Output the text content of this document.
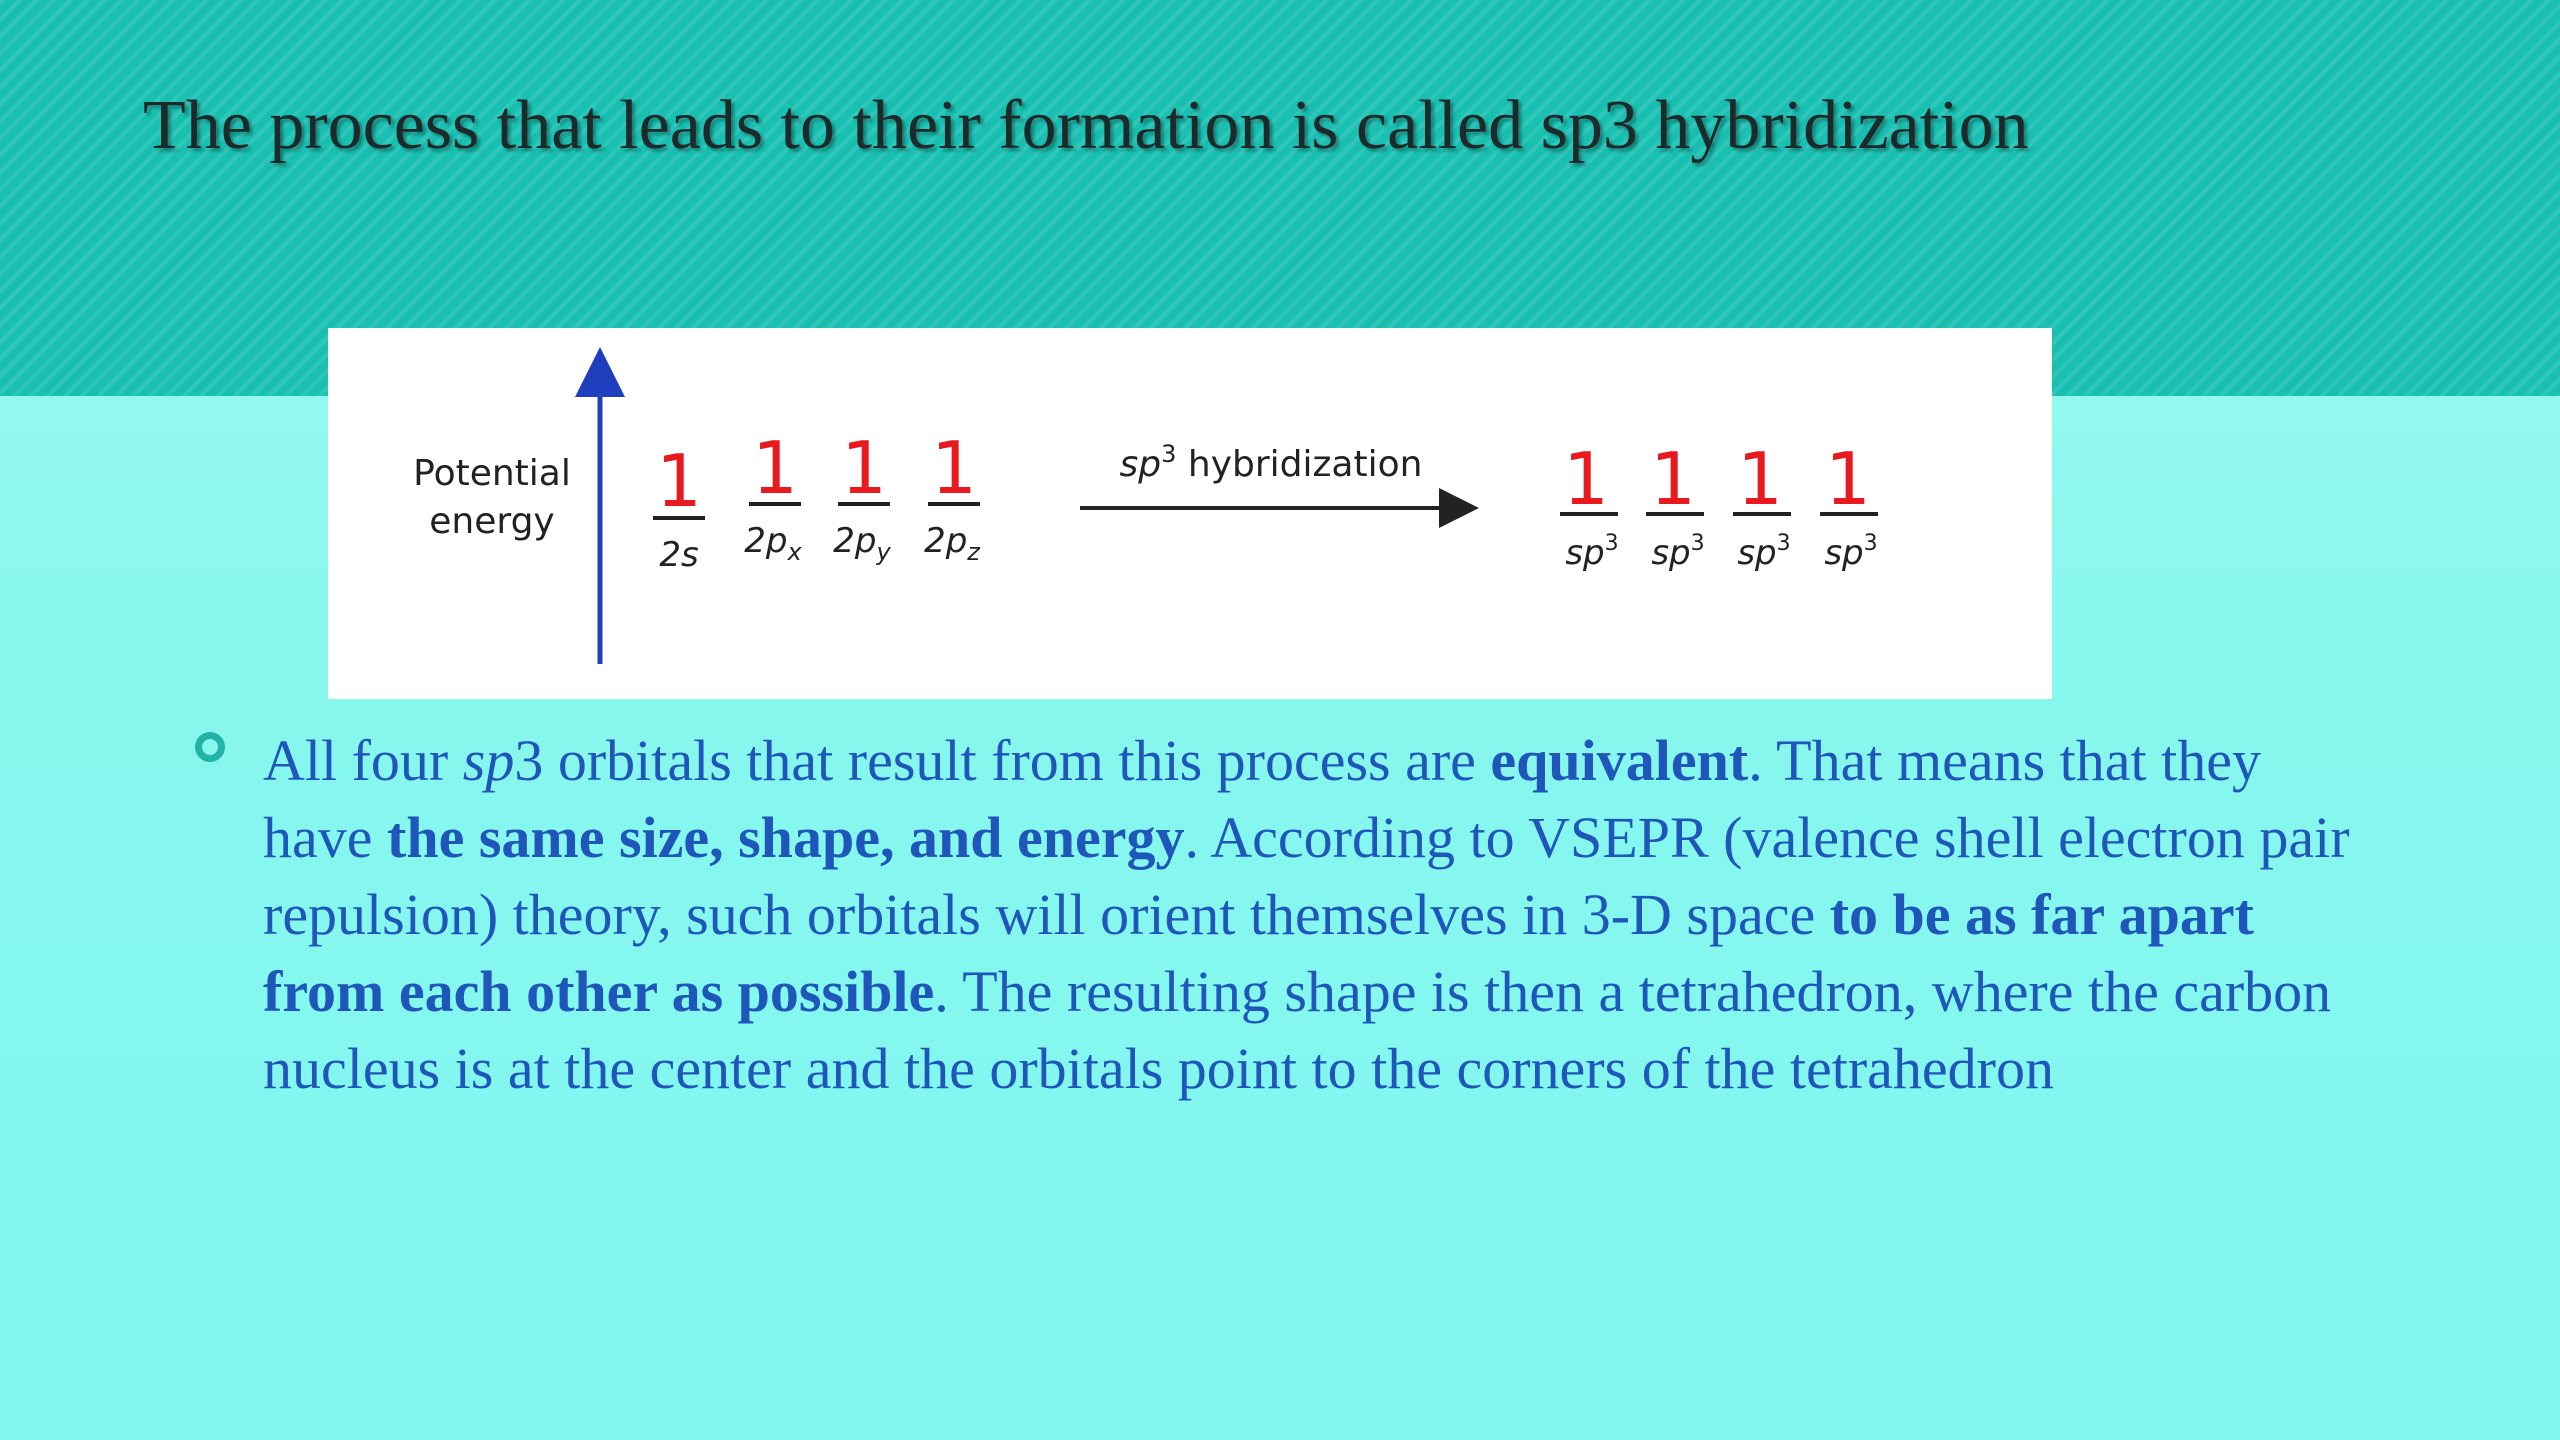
The process that leads to their formation is called sp3 hybridization
Potential
energy 1
2s
1
$2p_x$
1
$2p_y$
1
$2p_z$
$sp^3$ hybridization 1
$sp^3$
1
$sp^3$
1
$sp^3$
1
$sp^3$

All four sp3 orbitals that result from this process are equivalent. That means that they have the same size, shape, and energy. According to VSEPR (valence shell electron pair repulsion) theory, such orbitals will orient themselves in 3-D space to be as far apart from each other as possible. The resulting shape is then a tetrahedron, where the carbon nucleus is at the center and the orbitals point to the corners of the tetrahedron
